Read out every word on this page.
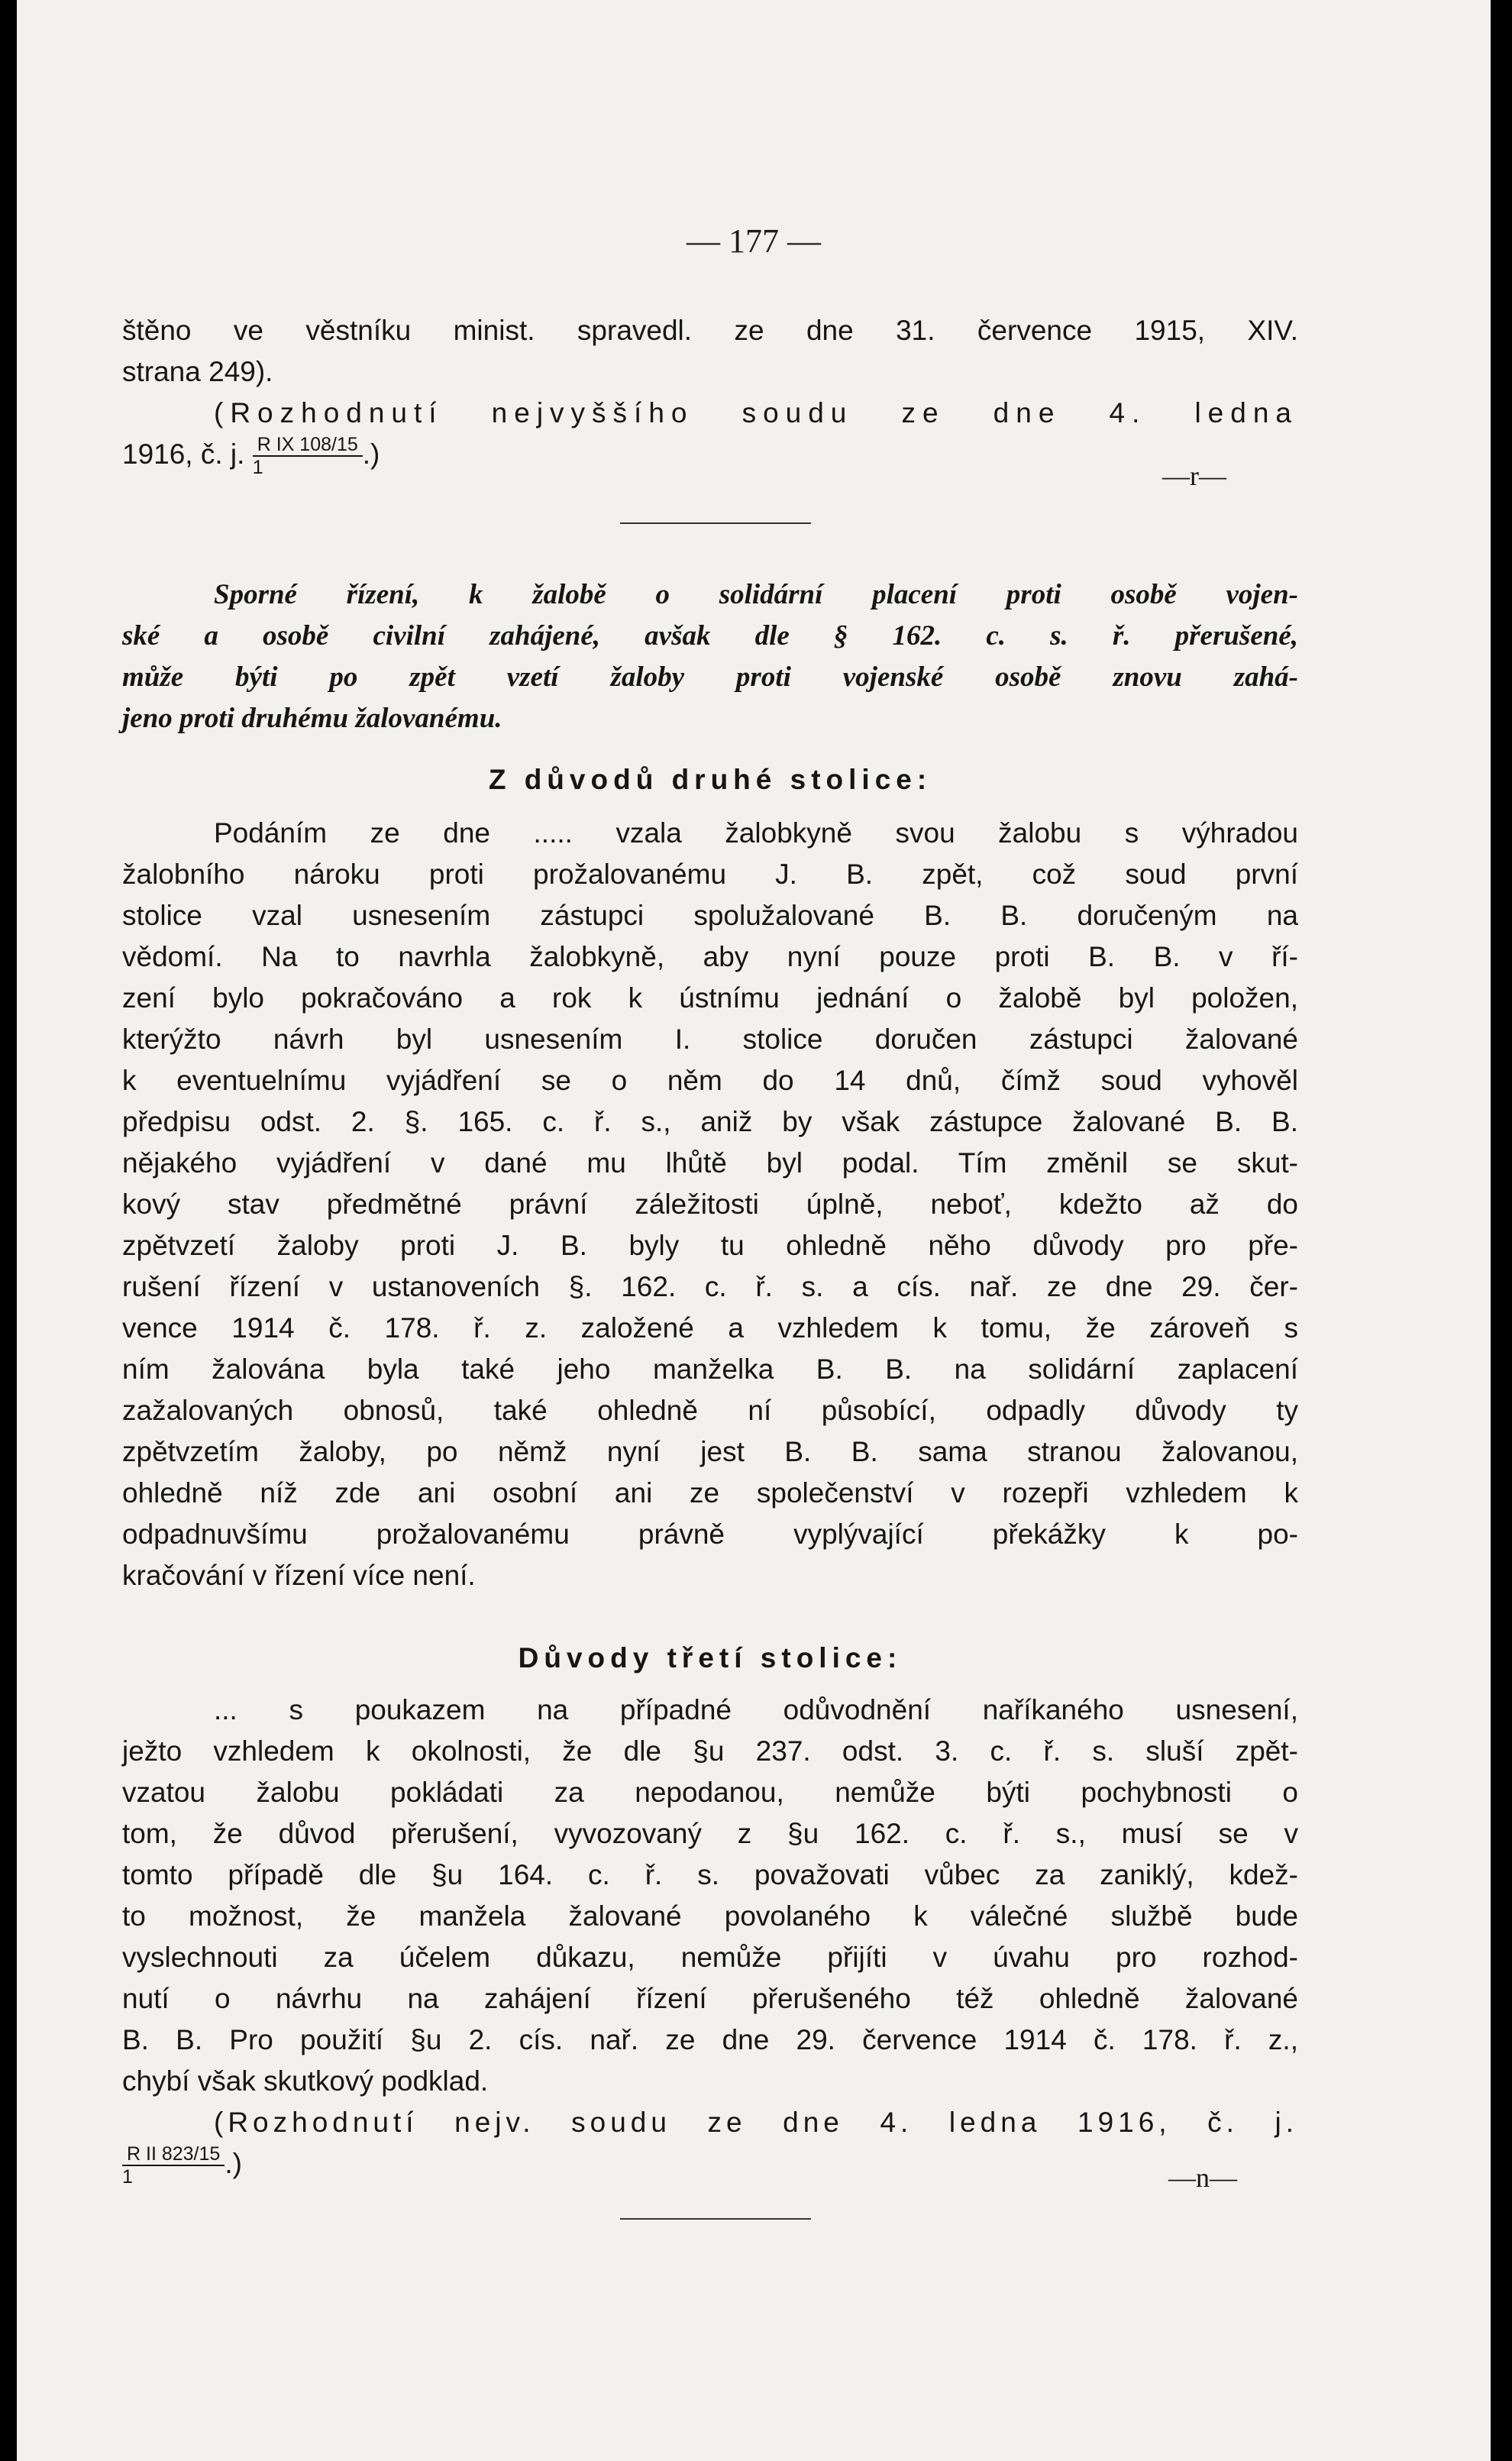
— 177 —
štěno ve věstníku minist. spravedl. ze dne 31. července 1915, XIV.
strana 249).
(Rozhodnutí nejvyššího soudu ze dne 4. ledna
1916, č. j. $\frac{\text{R IX 108/15}}{1}$ .)
—r—
Sporné řízení, k žalobě o solidární placení proti osobě vojen-
ské a osobě civilní zahájené, avšak dle § 162. c. s. ř. přerušené,
může býti po zpět vzetí žaloby proti vojenské osobě znovu zahá-
jeno proti druhému žalovanému.
Z důvodů druhé stolice:
Podáním ze dne ..... vzala žalobkyně svou žalobu s výhradou
žalobního nároku proti prožalovanému J. B. zpět, což soud první
stolice vzal usnesením zástupci spolužalované B. B. doručeným na
vědomí. Na to navrhla žalobkyně, aby nyní pouze proti B. B. v ří-
zení bylo pokračováno a rok k ústnímu jednání o žalobě byl položen,
kterýžto návrh byl usnesením I. stolice doručen zástupci žalované
k eventuelnímu vyjádření se o něm do 14 dnů, čímž soud vyhověl
předpisu odst. 2. §. 165. c. ř. s., aniž by však zástupce žalované B. B.
nějakého vyjádření v dané mu lhůtě byl podal. Tím změnil se skut-
kový stav předmětné právní záležitosti úplně, neboť, kdežto až do
zpětvzetí žaloby proti J. B. byly tu ohledně něho důvody pro pře-
rušení řízení v ustanoveních §. 162. c. ř. s. a cís. nař. ze dne 29. čer-
vence 1914 č. 178. ř. z. založené a vzhledem k tomu, že zároveň s
ním žalována byla také jeho manželka B. B. na solidární zaplacení
zažalovaných obnosů, také ohledně ní působící, odpadly důvody ty
zpětvzetím žaloby, po němž nyní jest B. B. sama stranou žalovanou,
ohledně níž zde ani osobní ani ze společenství v rozepři vzhledem k
odpadnuvšímu prožalovanému právně vyplývající překážky k po-
kračování v řízení více není.
Důvody třetí stolice:
... s poukazem na případné odůvodnění naříkaného usnesení,
ježto vzhledem k okolnosti, že dle §u 237. odst. 3. c. ř. s. sluší zpět-
vzatou žalobu pokládati za nepodanou, nemůže býti pochybnosti o
tom, že důvod přerušení, vyvozovaný z §u 162. c. ř. s., musí se v
tomto případě dle §u 164. c. ř. s. považovati vůbec za zaniklý, kdež-
to možnost, že manžela žalované povolaného k válečné službě bude
vyslechnouti za účelem důkazu, nemůže přijíti v úvahu pro rozhod-
nutí o návrhu na zahájení řízení přerušeného též ohledně žalované
B. B. Pro použití §u 2. cís. nař. ze dne 29. července 1914 č. 178. ř. z.,
chybí však skutkový podklad.
(Rozhodnutí nejv. soudu ze dne 4. ledna 1916, č. j.
$\frac{\text{R II 823/15}}{1}$ .)	—n—
